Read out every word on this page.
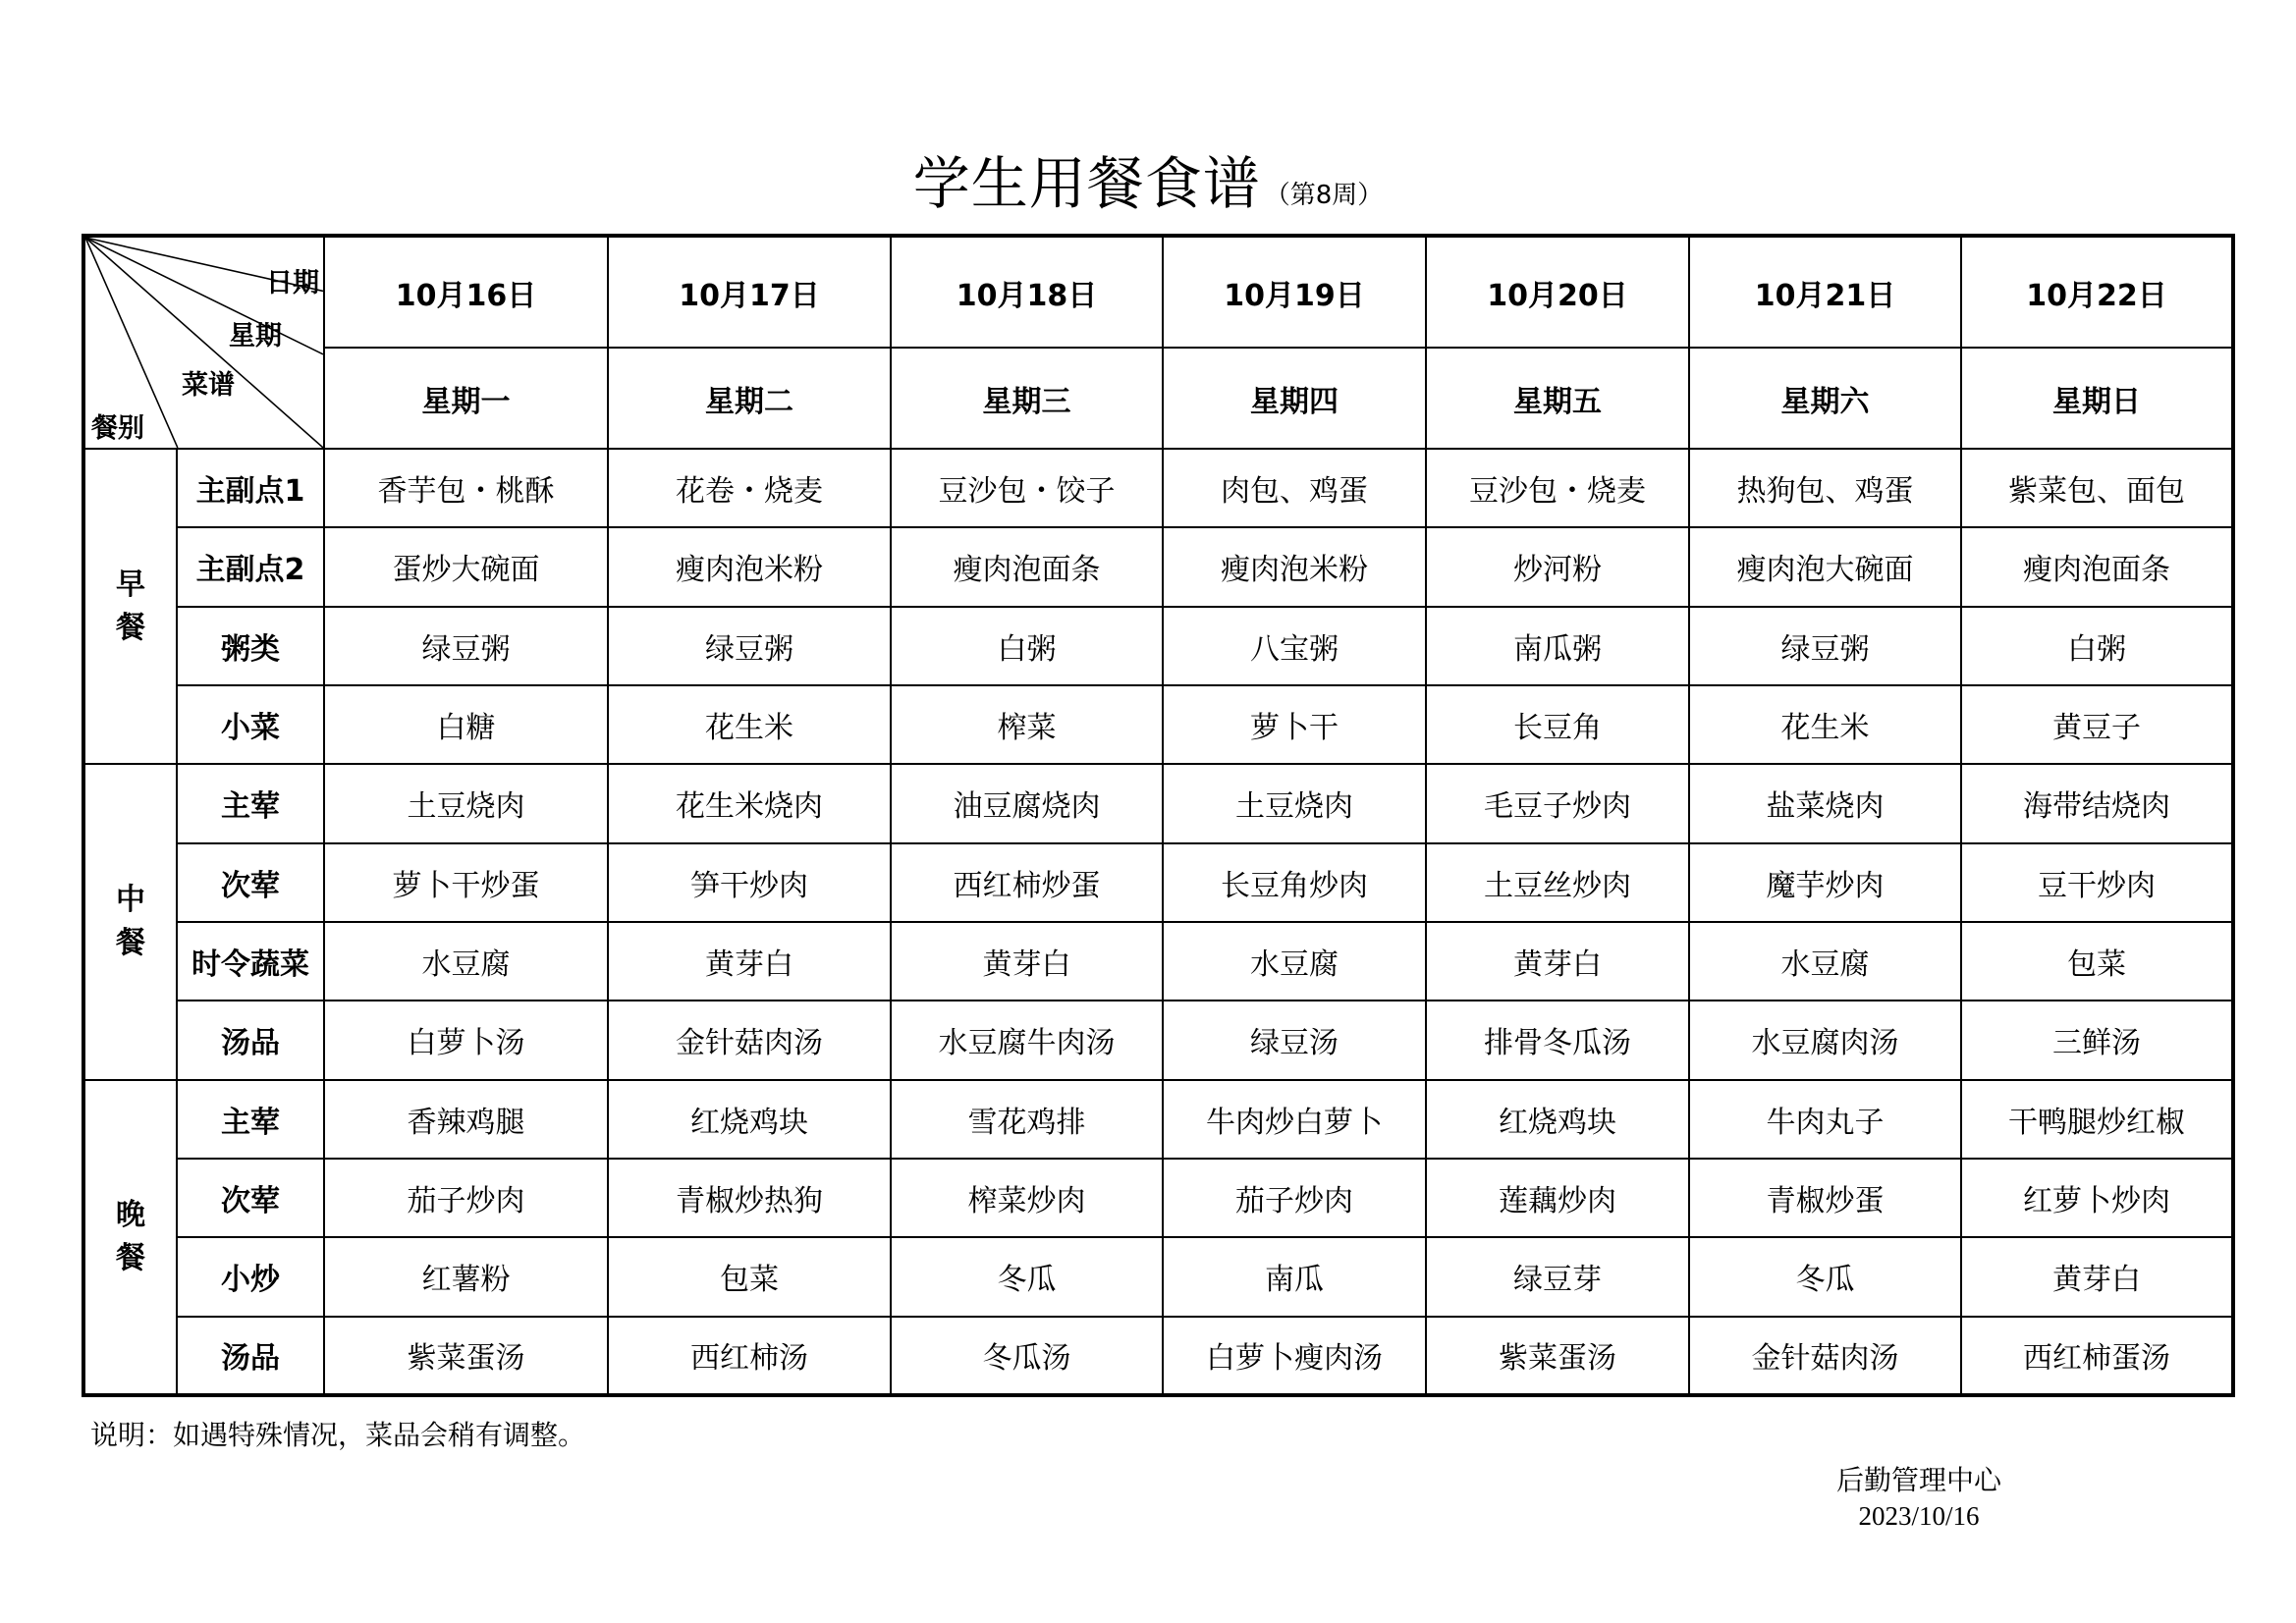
学生用餐食谱 （第8周）
日期
星期
菜谱
餐别		10月16日	10月17日	10月18日	10月19日	10月20日	10月21日	10月22日
		星期一	星期二	星期三	星期四	星期五	星期六	星期日

早
餐	主副点1	香芋包・桃酥	花卷・烧麦	豆沙包・饺子	肉包、鸡蛋	豆沙包・烧麦	热狗包、鸡蛋	紫菜包、面包
	主副点2	蛋炒大碗面	瘦肉泡米粉	瘦肉泡面条	瘦肉泡米粉	炒河粉	瘦肉泡大碗面	瘦肉泡面条
	粥类	绿豆粥	绿豆粥	白粥	八宝粥	南瓜粥	绿豆粥	白粥
	小菜	白糖	花生米	榨菜	萝卜干	长豆角	花生米	黄豆子

中
餐	主荤	土豆烧肉	花生米烧肉	油豆腐烧肉	土豆烧肉	毛豆子炒肉	盐菜烧肉	海带结烧肉
	次荤	萝卜干炒蛋	笋干炒肉	西红柿炒蛋	长豆角炒肉	土豆丝炒肉	魔芋炒肉	豆干炒肉
	时令蔬菜	水豆腐	黄芽白	黄芽白	水豆腐	黄芽白	水豆腐	包菜
	汤品	白萝卜汤	金针菇肉汤	水豆腐牛肉汤	绿豆汤	排骨冬瓜汤	水豆腐肉汤	三鲜汤

晚
餐	主荤	香辣鸡腿	红烧鸡块	雪花鸡排	牛肉炒白萝卜	红烧鸡块	牛肉丸子	干鸭腿炒红椒
	次荤	茄子炒肉	青椒炒热狗	榨菜炒肉	茄子炒肉	莲藕炒肉	青椒炒蛋	红萝卜炒肉
	小炒	红薯粉	包菜	冬瓜	南瓜	绿豆芽	冬瓜	黄芽白
	汤品	紫菜蛋汤	西红柿汤	冬瓜汤	白萝卜瘦肉汤	紫菜蛋汤	金针菇肉汤	西红柿蛋汤
说明：如遇特殊情况，菜品会稍有调整。
后勤管理中心
2023/10/16
